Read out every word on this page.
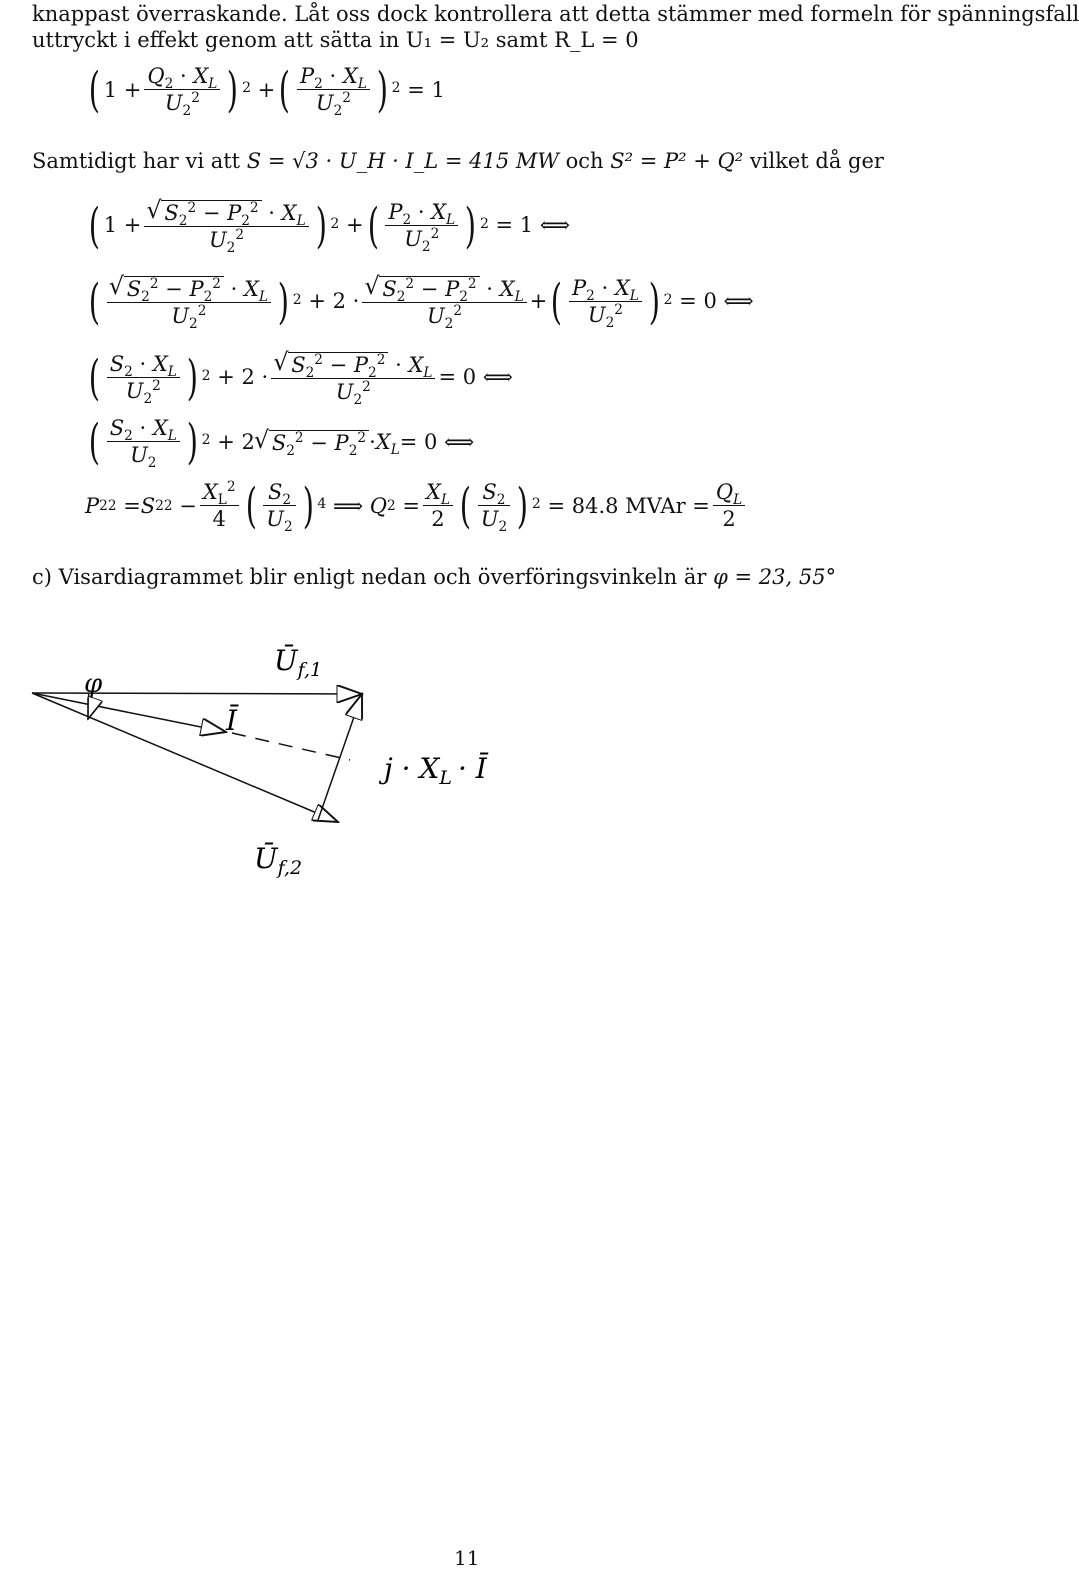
knappast överraskande. Låt oss dock kontrollera att detta stämmer med formeln för spänningsfall
uttryckt i effekt genom att sätta in U₁ = U₂ samt R_L = 0
( $1 + \frac{Q_2 \cdot X_L}{U_2^2}$ ) 2 + ( $\frac{P_2 \cdot X_L}{U_2^2}$ ) 2 = 1
Samtidigt har vi att S = √3 · U_H · I_L = 415 MW och S² = P² + Q² vilket då ger
( 1 + √ $\frac{S_2^2 - P_2^2 \cdot X_L}{U_2^2}$ ) 2 + ( $\frac{P_2 \cdot X_L}{U_2^2}$ ) 2 = 1 ⟺
( √ $\frac{S_2^2 - P_2^2 \cdot X_L}{U_2^2}$ ) 2 + 2 · √ $\frac{S_2^2 - P_2^2 \cdot X_L}{U_2^2}$ + ( $\frac{P_2 \cdot X_L}{U_2^2}$ ) 2 = 0 ⟺
( $\frac{S_2 \cdot X_L}{U_2^2}$ ) 2 + 2 · √ $\frac{S_2^2 - P_2^2 \cdot X_L}{U_2^2} = 0$ ⟺
( $\frac{S_2 \cdot X_L}{U_2}$ ) 2 + 2 √ $S_2^2 - P_2^2 \cdot X_L = 0$ ⟺
P 2 2 = S 2 $2 - \frac{X_L^2}{4}$ ( $\frac{S_2}{U_2}$ ) 4 ⟹ Q $2 = \frac{X_L}{2}$ ( $\frac{S_2}{U_2}$ ) 2
= 84.8 MVAr = $\frac{Q_L}{2}$
c) Visardiagrammet blir enligt nedan och överföringsvinkeln är φ = 23, 55°
φ
$Ū_{f,1}$
Ī
$j \cdot X_L$ · Ī
$Ū_{f,2}$
11
